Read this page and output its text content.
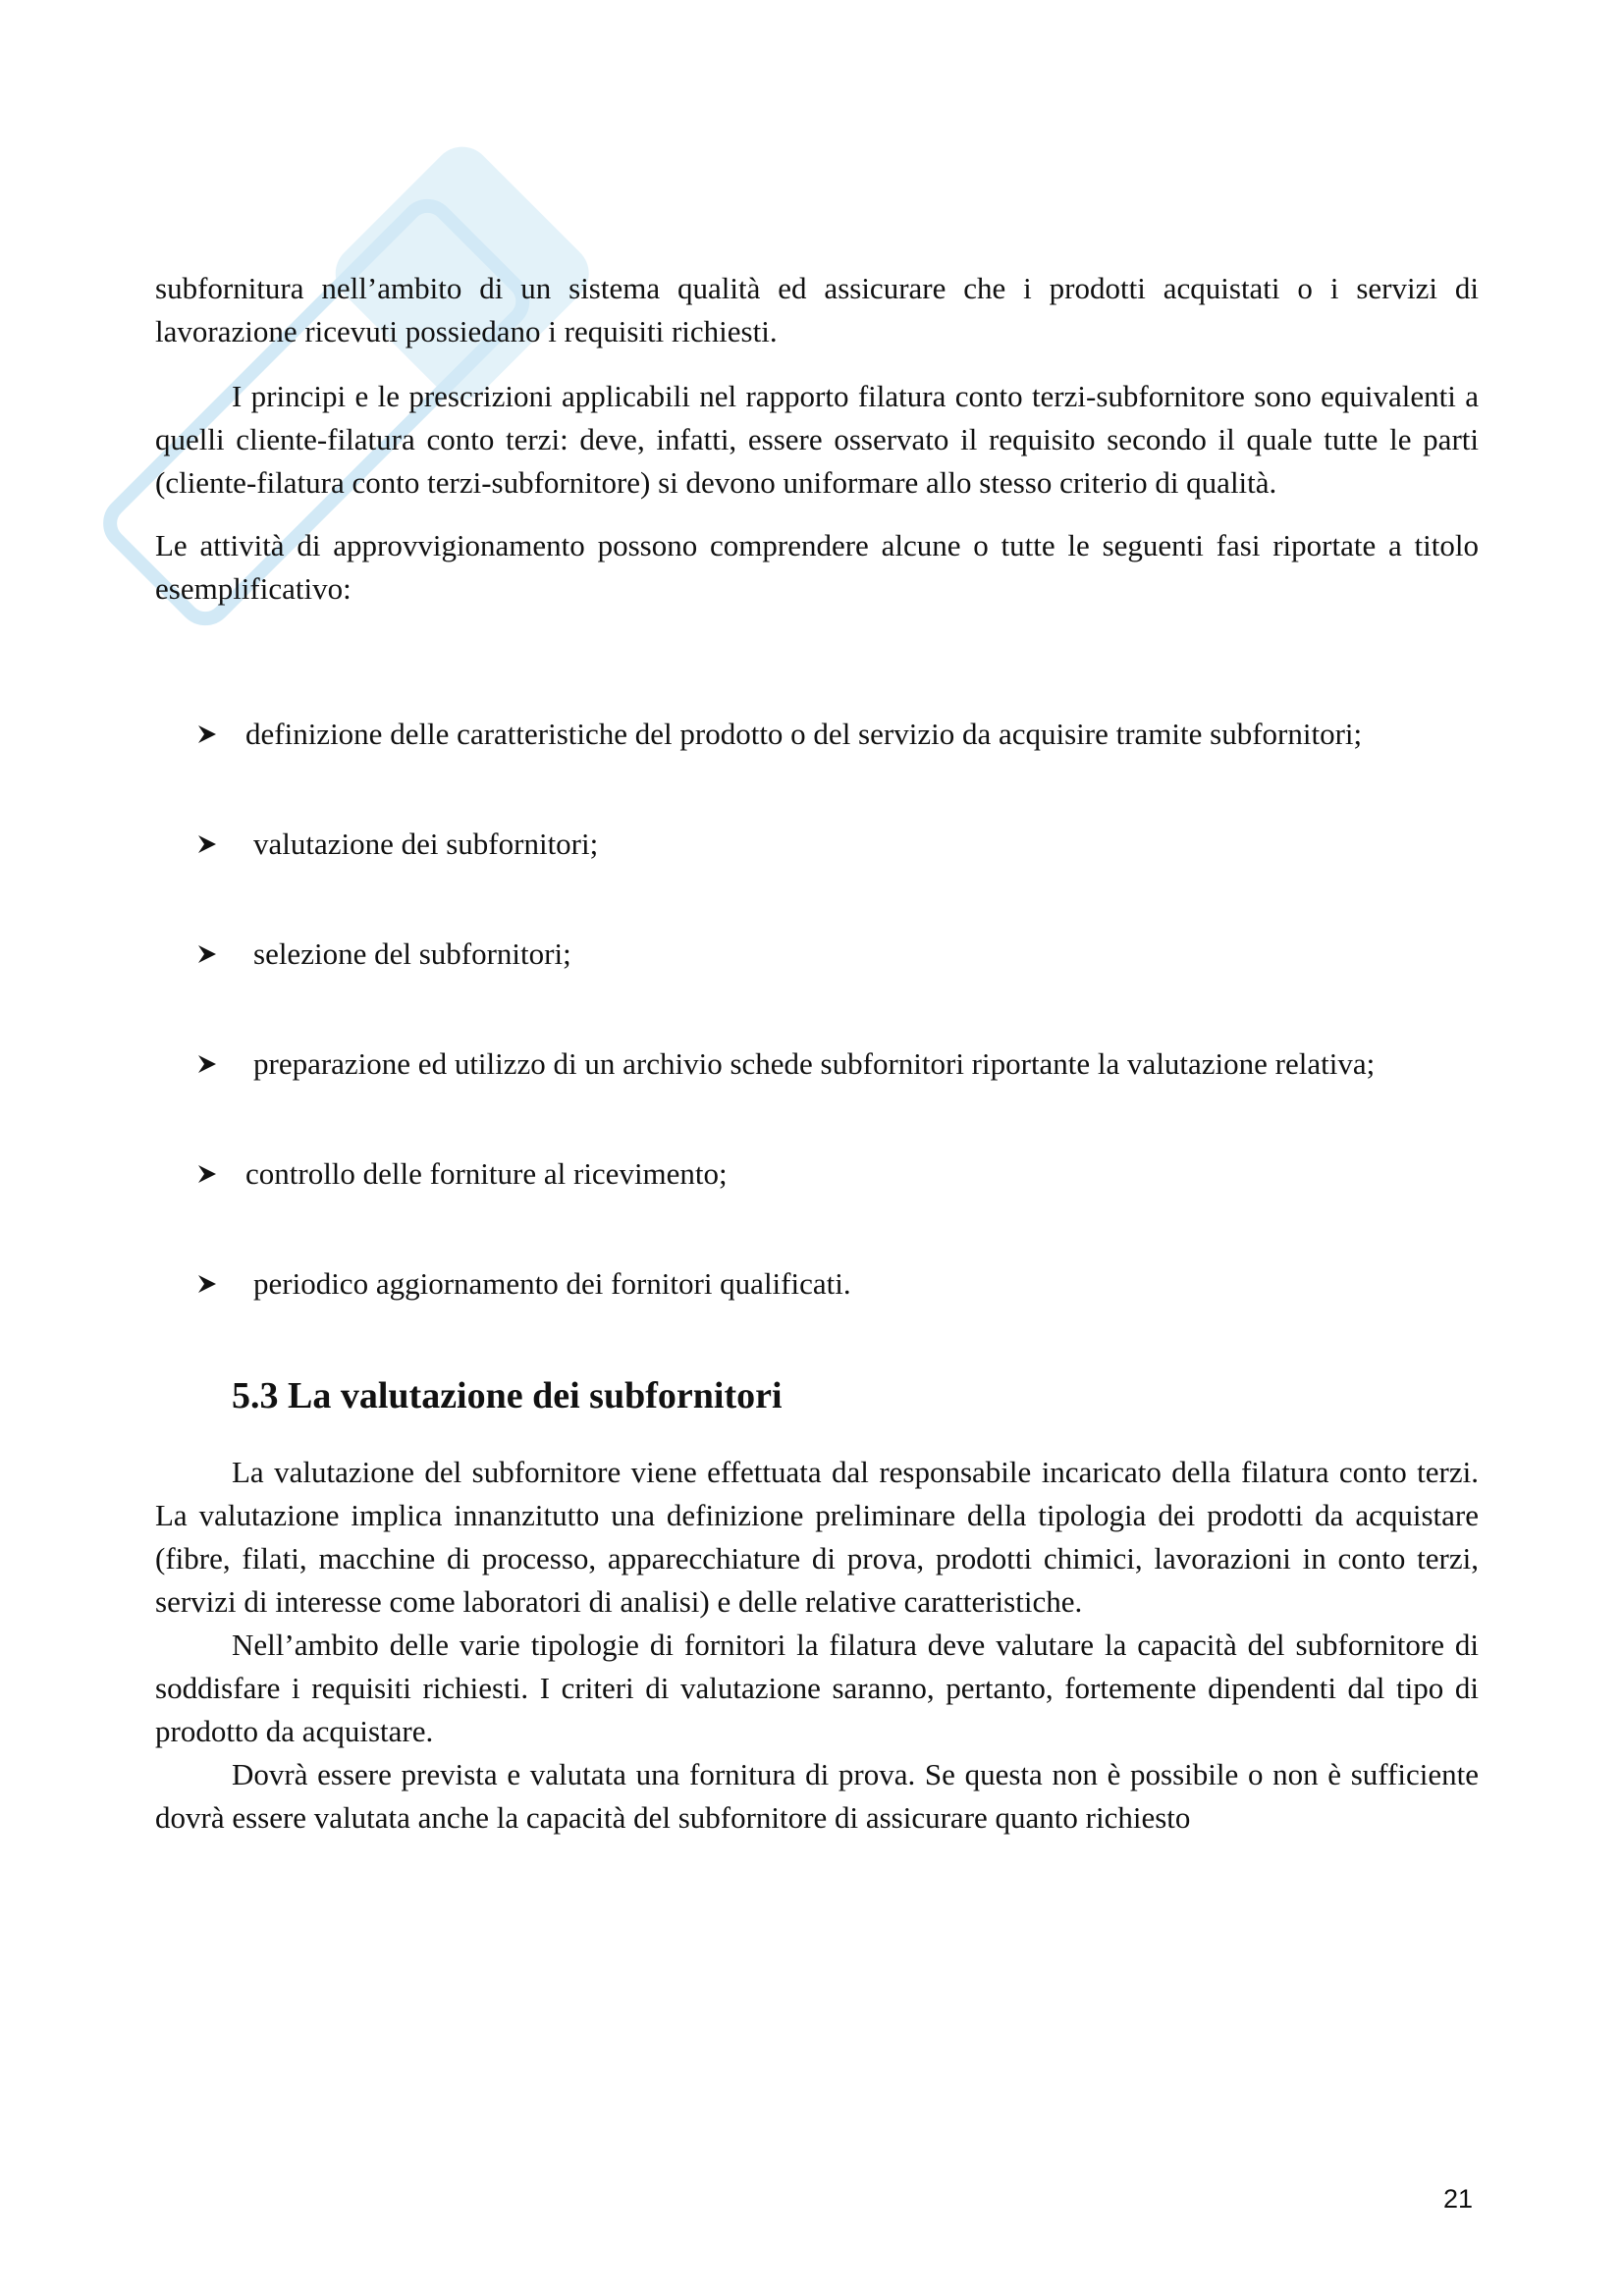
subfornitura nell’ambito di un sistema qualità ed assicurare che i prodotti acquistati o i servizi di lavorazione ricevuti possiedano i requisiti richiesti.

I principi e le prescrizioni applicabili nel rapporto filatura conto terzi-subfornitore sono equivalenti a quelli cliente-filatura conto terzi: deve, infatti, essere osservato il requisito secondo il quale tutte le parti (cliente-filatura conto terzi-subfornitore) si devono uniformare allo stesso criterio di qualità.

Le attività di approvvigionamento possono comprendere alcune o tutte le seguenti fasi riportate a titolo esemplificativo:

definizione delle caratteristiche del prodotto o del servizio da acquisire tramite subfornitori;
valutazione dei subfornitori;
selezione del subfornitori;
preparazione ed utilizzo di un archivio schede subfornitori riportante la valutazione relativa;
controllo delle forniture al ricevimento;
periodico aggiornamento dei fornitori qualificati.
5.3 La valutazione dei subfornitori

La valutazione del subfornitore viene effettuata dal responsabile incaricato della filatura conto terzi. La valutazione implica innanzitutto una definizione preliminare della tipologia dei prodotti da acquistare (fibre, filati, macchine di processo, apparecchiature di prova, prodotti chimici, lavorazioni in conto terzi, servizi di interesse come laboratori di analisi) e delle relative caratteristiche.

Nell’ambito delle varie tipologie di fornitori la filatura deve valutare la capacità del subfornitore di soddisfare i requisiti richiesti. I criteri di valutazione saranno, pertanto, fortemente dipendenti dal tipo di prodotto da acquistare.

Dovrà essere prevista e valutata una fornitura di prova. Se questa non è possibile o non è sufficiente dovrà essere valutata anche la capacità del subfornitore di assicurare quanto richiesto

21
